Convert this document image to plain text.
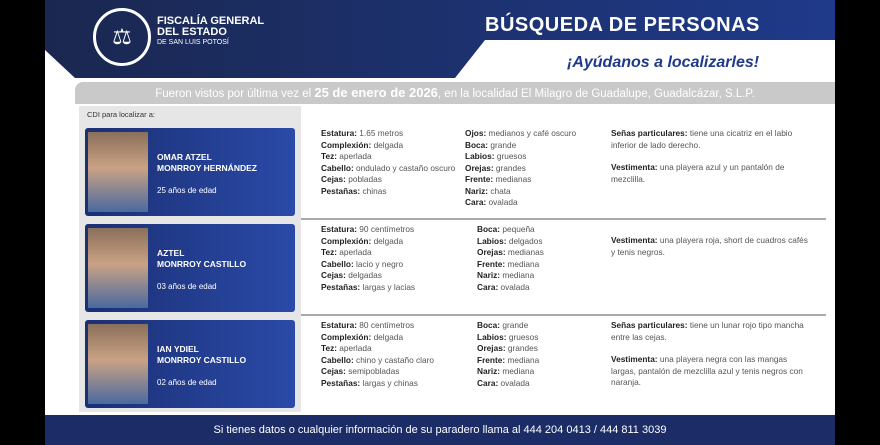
⚖
FISCALÍA GENERAL
DEL ESTADO
DE SAN LUIS POTOSÍ
BÚSQUEDA DE PERSONAS
¡Ayúdanos a localizarles!
Fueron vistos por última vez el 25 de enero de 2026, en la localidad El Milagro de Guadalupe, Guadalcázar, S.L.P.
CDI para localizar a:
OMAR ATZEL
MONRROY HERNÁNDEZ
25 años de edad
AZTEL
MONRROY CASTILLO
03 años de edad
IAN YDIEL
MONRROY CASTILLO
02 años de edad
Estatura: 1.65 metros
Complexión: delgada
Tez: aperlada
Cabello: ondulado y castaño oscuro
Cejas: pobladas
Pestañas: chinas
Ojos: medianos y café oscuro
Boca: grande
Labios: gruesos
Orejas: grandes
Frente: medianas
Nariz: chata
Cara: ovalada
Señas particulares: tiene una cicatriz en el labio inferior de lado derecho.
Vestimenta: una playera azul y un pantalón de mezclilla.
Estatura: 90 centímetros
Complexión: delgada
Tez: aperlada
Cabello: lacio y negro
Cejas: delgadas
Pestañas: largas y lacias
Boca: pequeña
Labios: delgados
Orejas: medianas
Frente: mediana
Nariz: mediana
Cara: ovalada
Vestimenta: una playera roja, short de cuadros cafés y tenis negros.
Estatura: 80 centímetros
Complexión: delgada
Tez: aperlada
Cabello: chino y castaño claro
Cejas: semipobladas
Pestañas: largas y chinas
Boca: grande
Labios: gruesos
Orejas: grandes
Frente: mediana
Nariz: mediana
Cara: ovalada
Señas particulares: tiene un lunar rojo tipo mancha entre las cejas.
Vestimenta: una playera negra con las mangas largas, pantalón de mezclilla azul y tenis negros con naranja.
Si tienes datos o cualquier información de su paradero llama al 444 204 0413 / 444 811 3039
